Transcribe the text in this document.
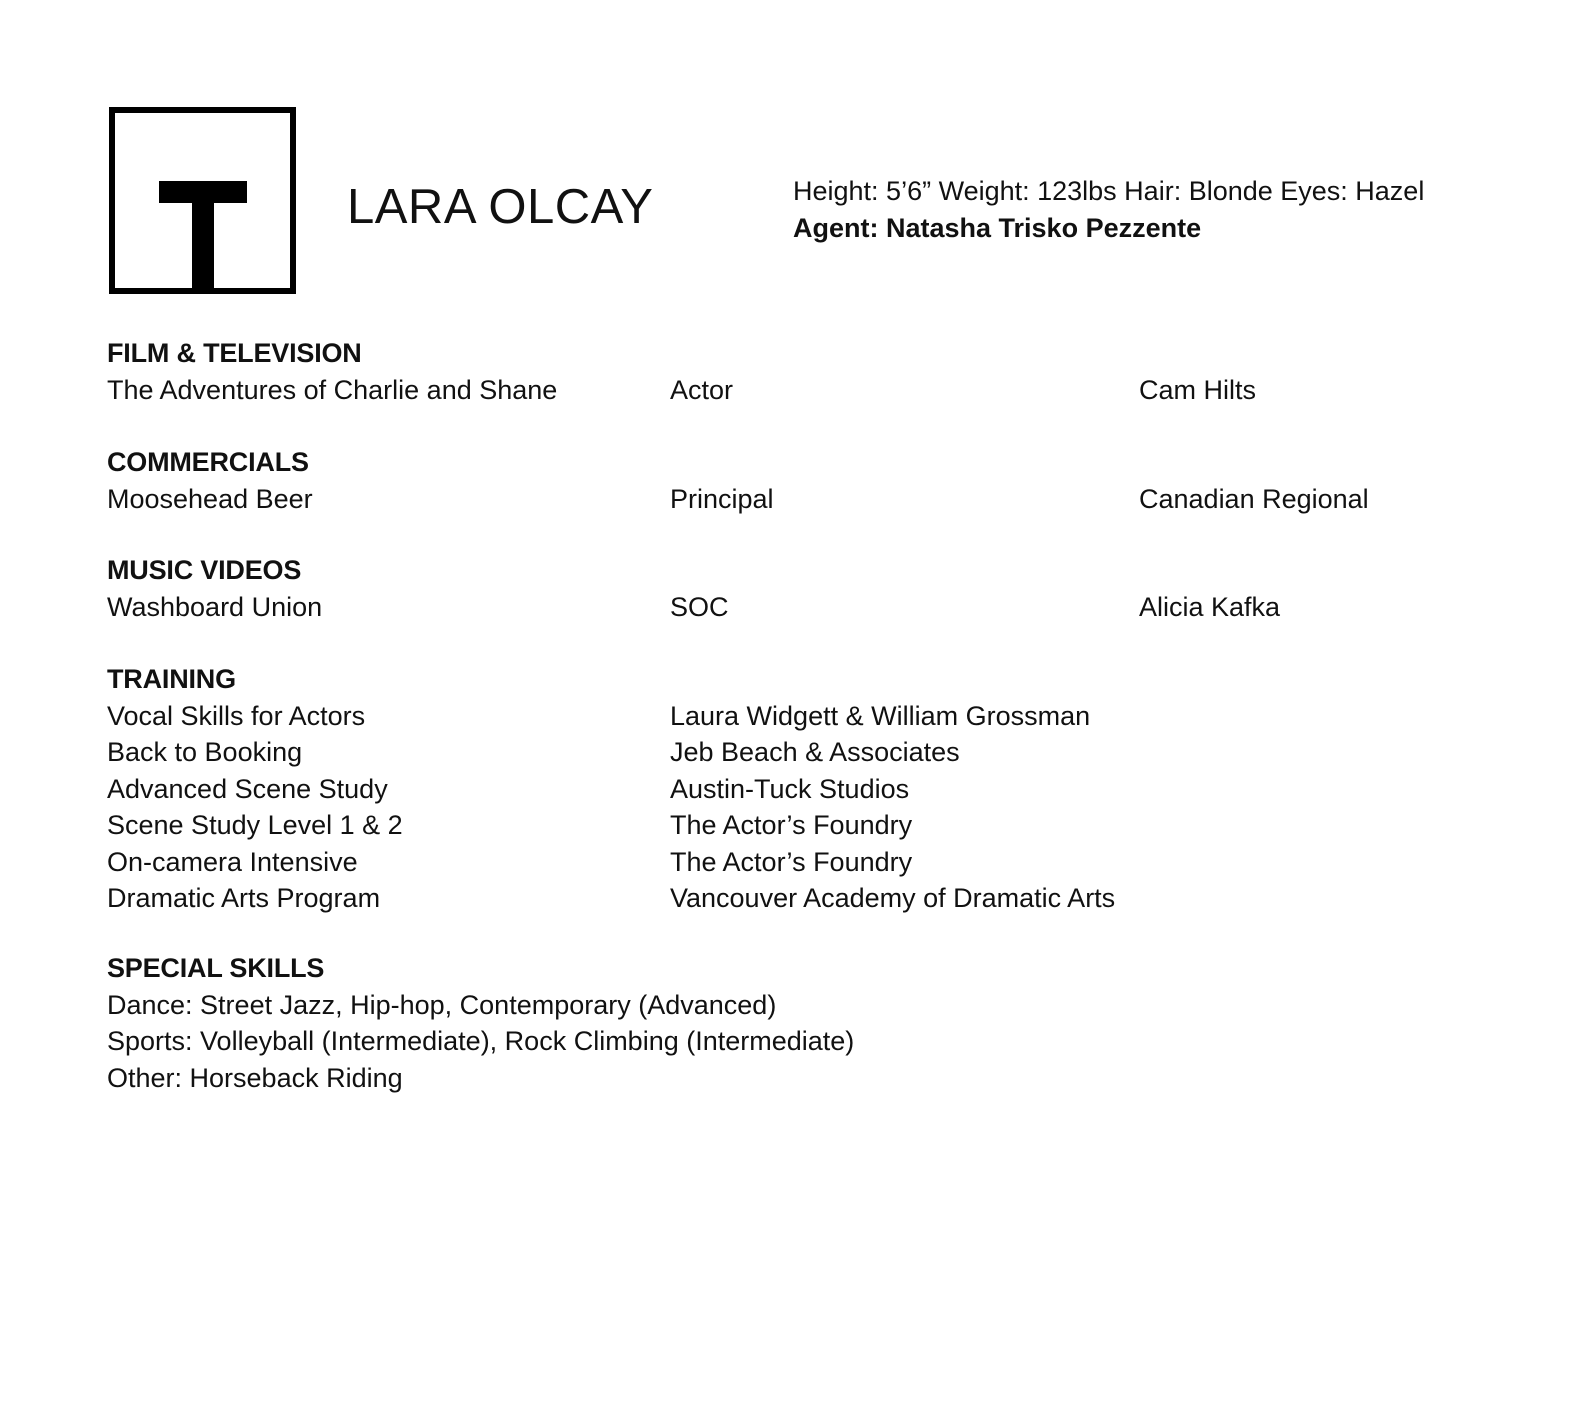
LARA OLCAY	Height: 5’6” Weight: 123lbs Hair: Blonde Eyes: Hazel
Agent: Natasha Trisko Pezzente
FILM & TELEVISION
The Adventures of Charlie and Shane	Actor	Cam Hilts
COMMERCIALS
Moosehead Beer	Principal	Canadian Regional
MUSIC VIDEOS
Washboard Union	SOC	Alicia Kafka
TRAINING
Vocal Skills for Actors	Laura Widgett & William Grossman
Back to Booking	Jeb Beach & Associates
Advanced Scene Study	Austin-Tuck Studios
Scene Study Level 1 & 2	The Actor’s Foundry
On-camera Intensive	The Actor’s Foundry
Dramatic Arts Program	Vancouver Academy of Dramatic Arts
SPECIAL SKILLS
Dance: Street Jazz, Hip-hop, Contemporary (Advanced)
Sports: Volleyball (Intermediate), Rock Climbing (Intermediate)
Other: Horseback Riding
